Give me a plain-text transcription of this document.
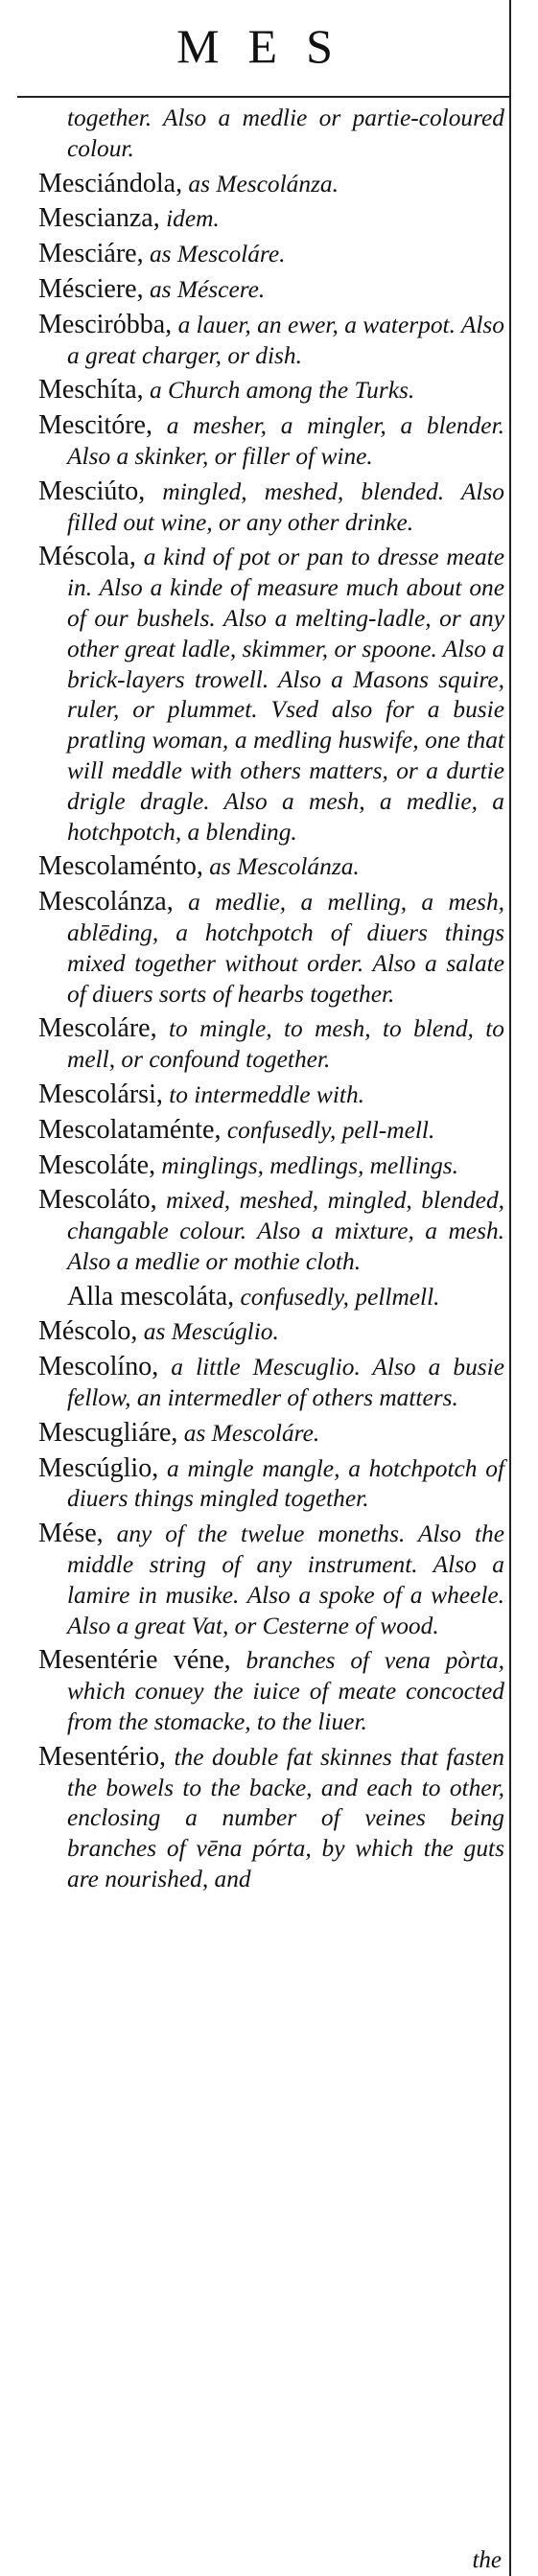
MES
together. Also a medlie or partie-coloured colour.
Mesciándola, as Mescolánza.
Mescianza, idem.
Mesciáre, as Mescoláre.
Mésciere, as Méscere.
Mescirόbba, a lauer, an ewer, a waterpot. Also a great charger, or dish.
Meschíta, a Church among the Turks.
Mescitóre, a mesher, a mingler, a blender. Also a skinker, or filler of wine.
Mesciúto, mingled, meshed, blended. Also filled out wine, or any other drinke.
Méscola, a kind of pot or pan to dresse meate in. Also a kinde of measure much about one of our bushels. Also a melting-ladle, or any other great ladle, skimmer, or spoone. Also a brick-layers trowell. Also a Masons squire, ruler, or plummet. Vsed also for a busie pratling woman, a medling huswife, one that will meddle with others matters, or a durtie drigle dragle. Also a mesh, a medlie, a hotchpotch, a blending.
Mescolaménto, as Mescolánza.
Mescolánza, a medlie, a melling, a mesh, ablēding, a hotchpotch of diuers things mixed together without order. Also a salate of diuers sorts of hearbs together.
Mescoláre, to mingle, to mesh, to blend, to mell, or confound together.
Mescolársi, to intermeddle with.
Mescolataménte, confusedly, pell-mell.
Mescoláte, minglings, medlings, mellings.
Mescoláto, mixed, meshed, mingled, blended, changable colour. Also a mixture, a mesh. Also a medlie or mothie cloth.
Alla mescoláta, confusedly, pellmell.
Méscolo, as Mescúglio.
Mescolíno, a little Mescuglio. Also a busie fellow, an intermedler of others matters.
Mescugliáre, as Mescoláre.
Mescúglio, a mingle mangle, a hotchpotch of diuers things mingled together.
Mése, any of the twelue moneths. Also the middle string of any instrument. Also a lamire in musike. Also a spoke of a wheele. Also a great Vat, or Cesterne of wood.
Mesentérie véne, branches of vena pòrta, which conuey the iuice of meate concocted from the stomacke, to the liuer.
Mesentério, the double fat skinnes that fasten the bowels to the backe, and each to other, enclosing a number of veines being branches of vēna pórta, by which the guts are nourished, and
the
